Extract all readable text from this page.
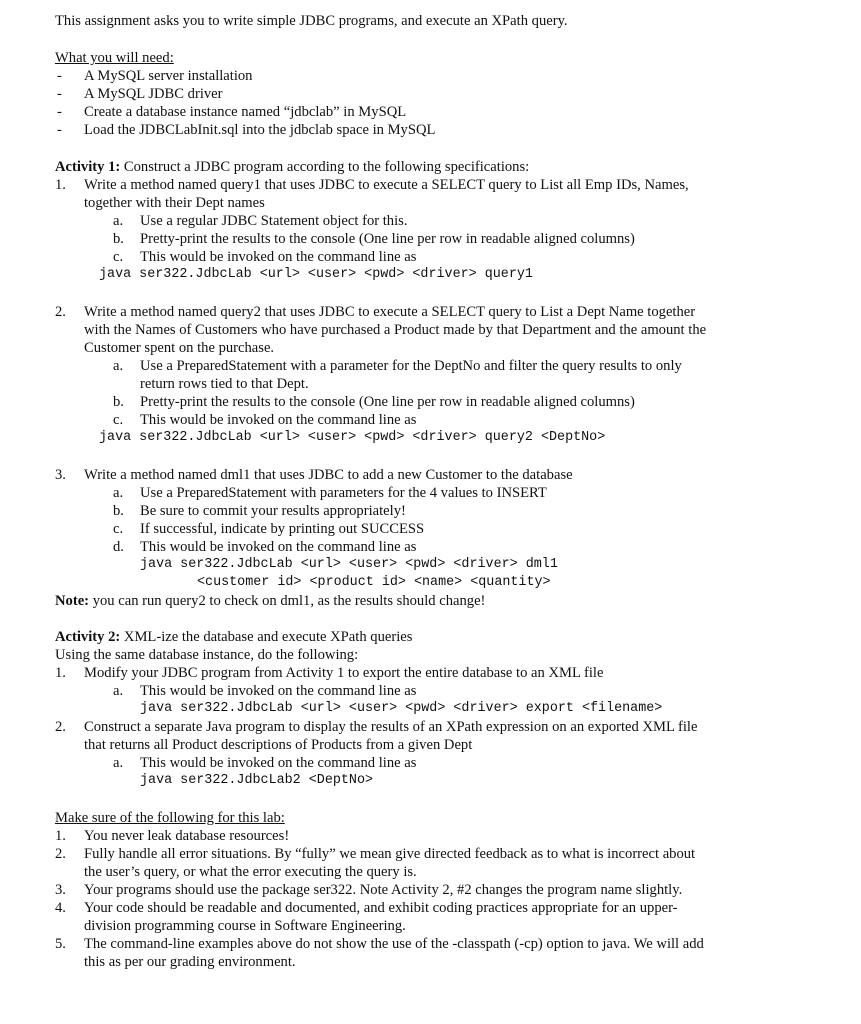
This assignment asks you to write simple JDBC programs, and execute an XPath query.
What you will need:
- A MySQL server installation
- A MySQL JDBC driver
- Create a database instance named “jdbclab” in MySQL
- Load the JDBCLabInit.sql into the jdbclab space in MySQL
Activity 1: Construct a JDBC program according to the following specifications:
1. Write a method named query1 that uses JDBC to execute a SELECT query to List all Emp IDs, Names,
together with their Dept names
a. Use a regular JDBC Statement object for this.
b. Pretty-print the results to the console (One line per row in readable aligned columns)
c. This would be invoked on the command line as
java ser322.JdbcLab <url> <user> <pwd> <driver> query1
2. Write a method named query2 that uses JDBC to execute a SELECT query to List a Dept Name together
with the Names of Customers who have purchased a Product made by that Department and the amount the
Customer spent on the purchase.
a. Use a PreparedStatement with a parameter for the DeptNo and filter the query results to only
return rows tied to that Dept.
b. Pretty-print the results to the console (One line per row in readable aligned columns)
c. This would be invoked on the command line as
java ser322.JdbcLab <url> <user> <pwd> <driver> query2 <DeptNo>
3. Write a method named dml1 that uses JDBC to add a new Customer to the database
a. Use a PreparedStatement with parameters for the 4 values to INSERT
b. Be sure to commit your results appropriately!
c. If successful, indicate by printing out SUCCESS
d. This would be invoked on the command line as
java ser322.JdbcLab <url> <user> <pwd> <driver> dml1
<customer id> <product id> <name> <quantity>
Note: you can run query2 to check on dml1, as the results should change!
Activity 2: XML-ize the database and execute XPath queries
Using the same database instance, do the following:
1. Modify your JDBC program from Activity 1 to export the entire database to an XML file
a. This would be invoked on the command line as
java ser322.JdbcLab <url> <user> <pwd> <driver> export <filename>
2. Construct a separate Java program to display the results of an XPath expression on an exported XML file
that returns all Product descriptions of Products from a given Dept
a. This would be invoked on the command line as
java ser322.JdbcLab2 <DeptNo>
Make sure of the following for this lab:
1. You never leak database resources!
2. Fully handle all error situations. By “fully” we mean give directed feedback as to what is incorrect about
the user’s query, or what the error executing the query is.
3. Your programs should use the package ser322. Note Activity 2, #2 changes the program name slightly.
4. Your code should be readable and documented, and exhibit coding practices appropriate for an upper-
division programming course in Software Engineering.
5. The command-line examples above do not show the use of the -classpath (-cp) option to java. We will add
this as per our grading environment.
